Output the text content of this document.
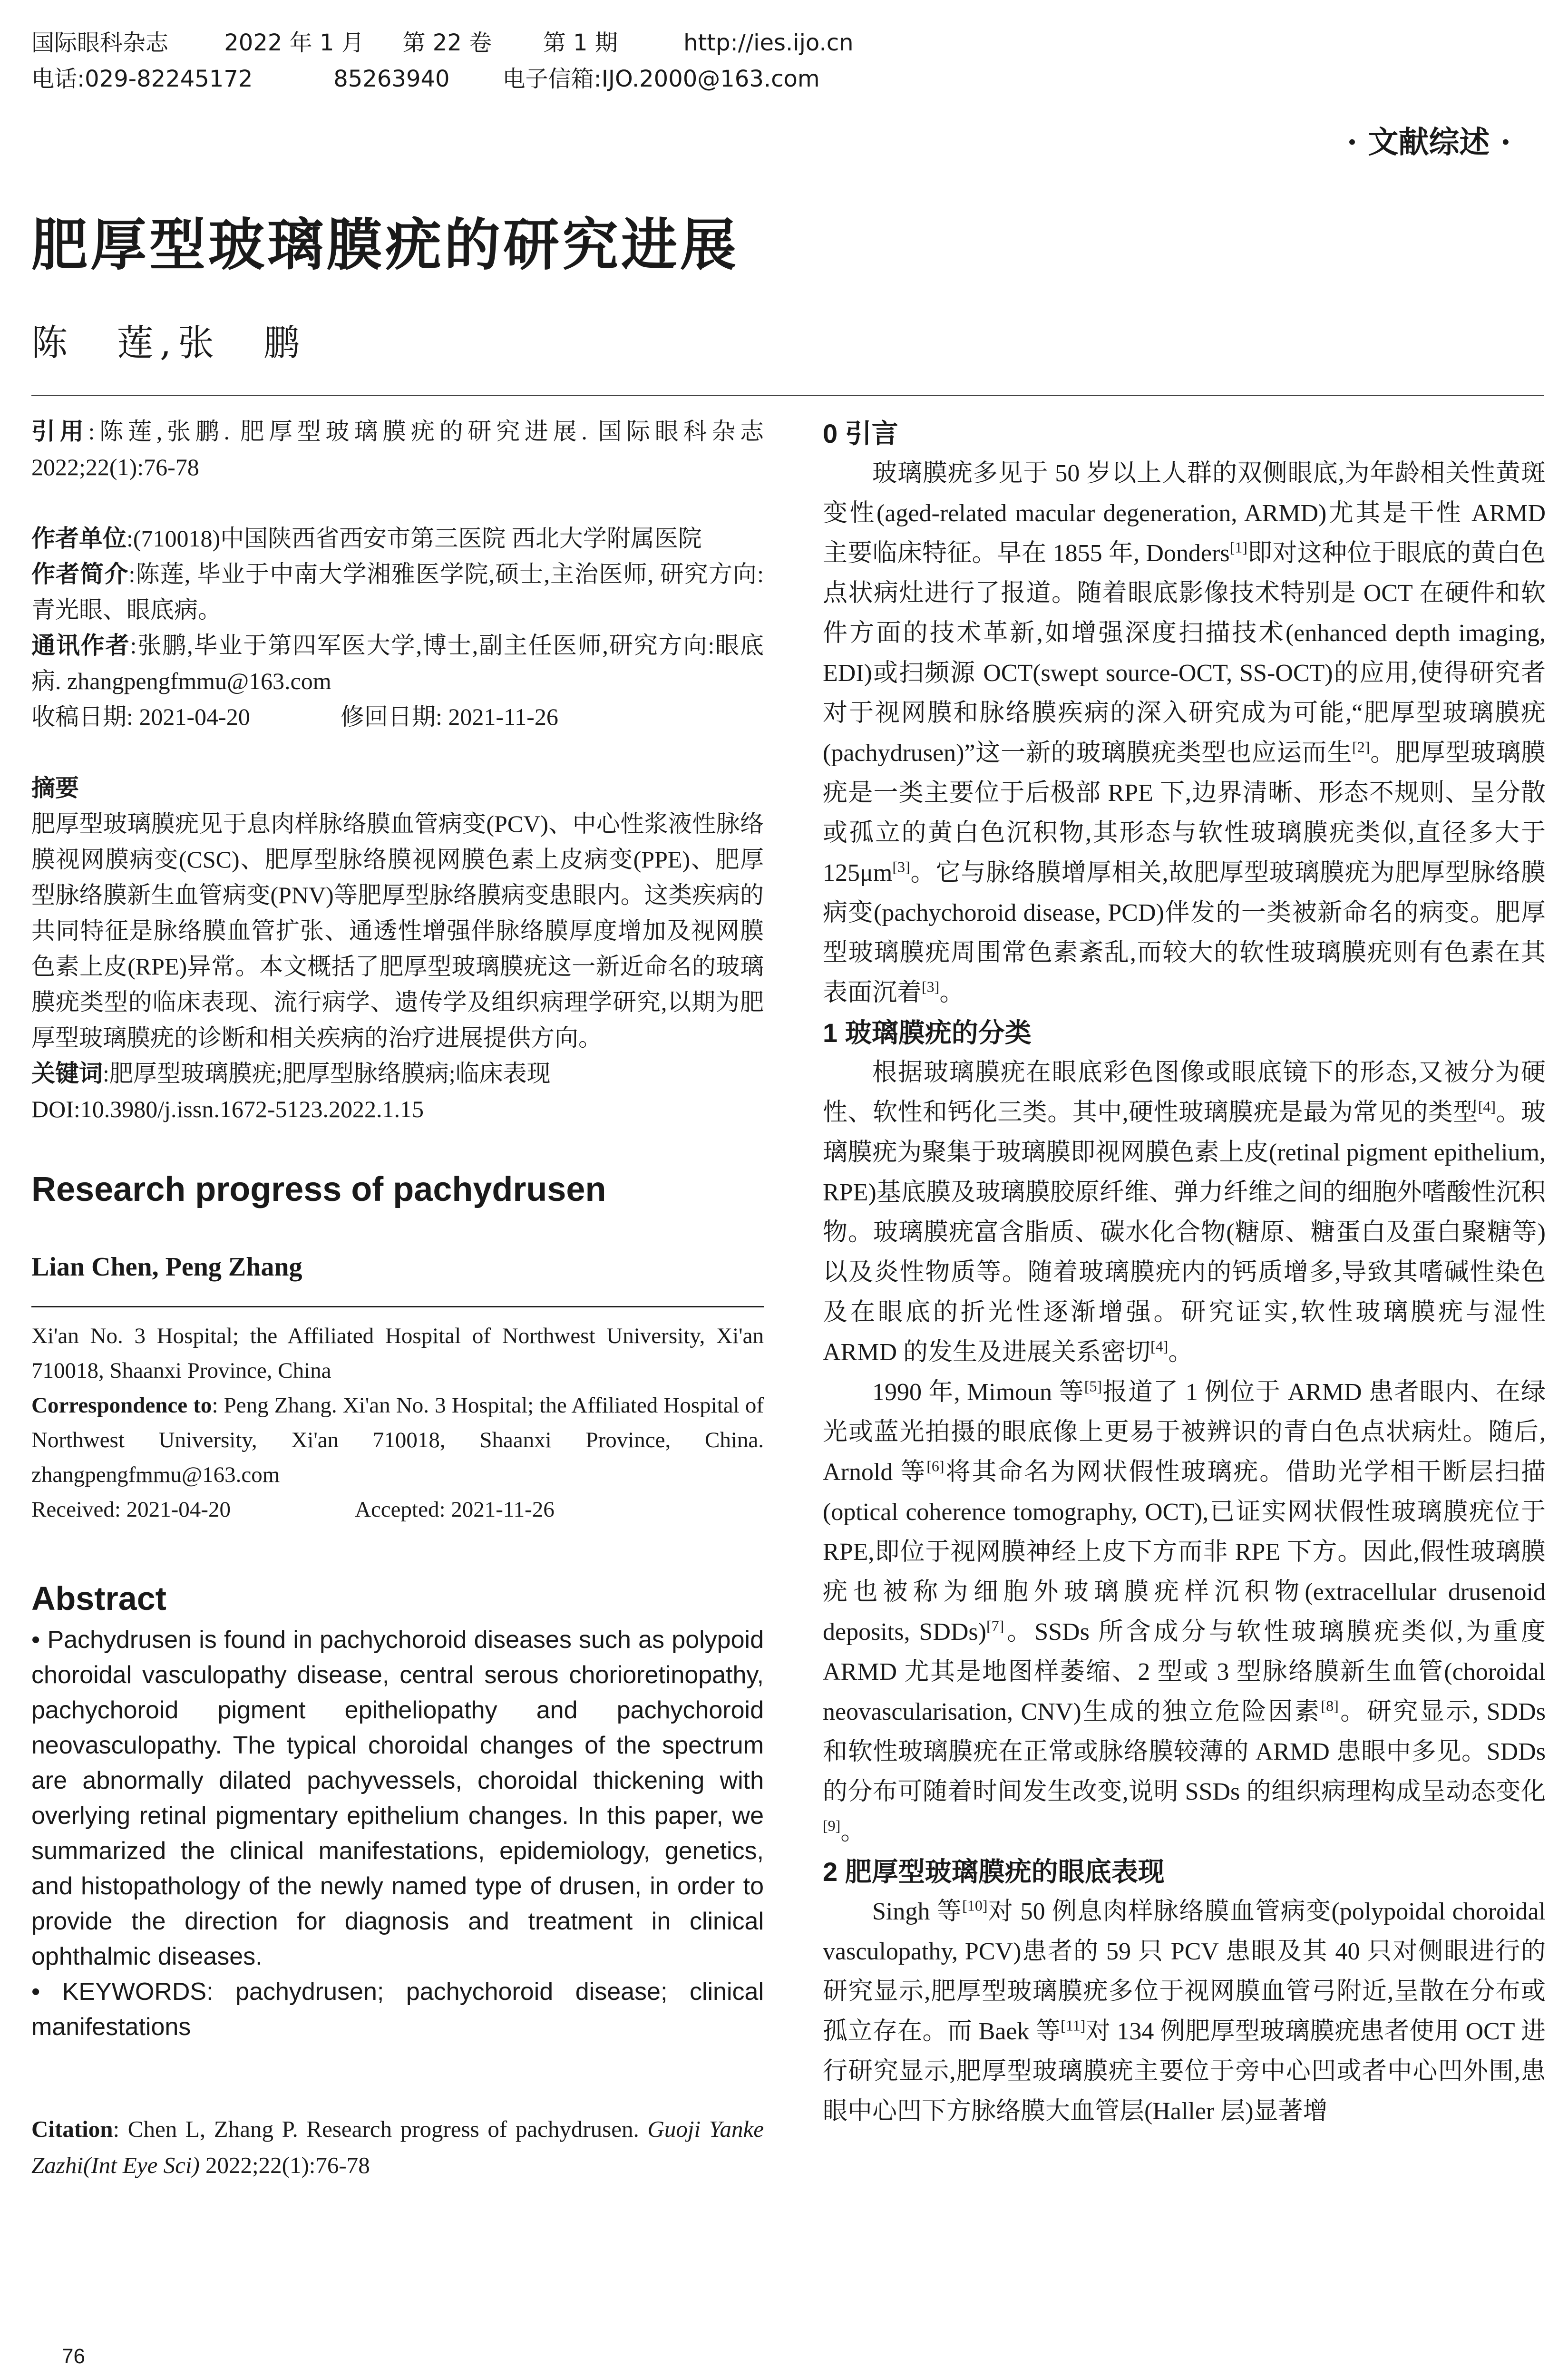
国际眼科杂志 2022 年 1 月 第 22 卷 第 1 期	http://ies.ijo.cn
电话:029-82245172	85263940 电子信箱:IJO.2000@163.com
· 文献综述 ·
肥厚型玻璃膜疣的研究进展
陈　莲,张　鹏

引用:陈莲,张鹏. 肥厚型玻璃膜疣的研究进展. 国际眼科杂志 2022;22(1):76-78

作者单位:(710018)中国陕西省西安市第三医院 西北大学附属医院

作者简介:陈莲, 毕业于中南大学湘雅医学院,硕士,主治医师, 研究方向:青光眼、眼底病。

通讯作者:张鹏,毕业于第四军医大学,博士,副主任医师,研究方向:眼底病. zhangpengfmmu@163.com

收稿日期: 2021-04-20	修回日期: 2021-11-26

摘要

肥厚型玻璃膜疣见于息肉样脉络膜血管病变(PCV)、中心性浆液性脉络膜视网膜病变(CSC)、肥厚型脉络膜视网膜色素上皮病变(PPE)、肥厚型脉络膜新生血管病变(PNV)等肥厚型脉络膜病变患眼内。这类疾病的共同特征是脉络膜血管扩张、通透性增强伴脉络膜厚度增加及视网膜色素上皮(RPE)异常。本文概括了肥厚型玻璃膜疣这一新近命名的玻璃膜疣类型的临床表现、流行病学、遗传学及组织病理学研究,以期为肥厚型玻璃膜疣的诊断和相关疾病的治疗进展提供方向。

关键词:肥厚型玻璃膜疣;肥厚型脉络膜病;临床表现

DOI:10.3980/j.issn.1672-5123.2022.1.15

Research progress of pachydrusen

Lian Chen, Peng Zhang

Xi'an No. 3 Hospital; the Affiliated Hospital of Northwest University, Xi'an 710018, Shaanxi Province, China

Correspondence to: Peng Zhang. Xi'an No. 3 Hospital; the Affiliated Hospital of Northwest University, Xi'an 710018, Shaanxi Province, China. zhangpengfmmu@163.com

Received: 2021-04-20	Accepted: 2021-11-26

Abstract

• Pachydrusen is found in pachychoroid diseases such as polypoid choroidal vasculopathy disease, central serous chorioretinopathy, pachychoroid pigment epitheliopathy and pachychoroid neovasculopathy. The typical choroidal changes of the spectrum are abnormally dilated pachyvessels, choroidal thickening with overlying retinal pigmentary epithelium changes. In this paper, we summarized the clinical manifestations, epidemiology, genetics, and histopathology of the newly named type of drusen, in order to provide the direction for diagnosis and treatment in clinical ophthalmic diseases.

• KEYWORDS: pachydrusen; pachychoroid disease; clinical manifestations

Citation: Chen L, Zhang P. Research progress of pachydrusen. Guoji Yanke Zazhi(Int Eye Sci) 2022;22(1):76-78

0 引言

玻璃膜疣多见于 50 岁以上人群的双侧眼底,为年龄相关性黄斑变性(aged-related macular degeneration, ARMD)尤其是干性 ARMD 主要临床特征。早在 1855 年, Donders[1]即对这种位于眼底的黄白色点状病灶进行了报道。随着眼底影像技术特别是 OCT 在硬件和软件方面的技术革新,如增强深度扫描技术(enhanced depth imaging, EDI)或扫频源 OCT(swept source-OCT, SS-OCT)的应用,使得研究者对于视网膜和脉络膜疾病的深入研究成为可能,“肥厚型玻璃膜疣(pachydrusen)”这一新的玻璃膜疣类型也应运而生[2]。肥厚型玻璃膜疣是一类主要位于后极部 RPE 下,边界清晰、形态不规则、呈分散或孤立的黄白色沉积物,其形态与软性玻璃膜疣类似,直径多大于 125μm[3]。它与脉络膜增厚相关,故肥厚型玻璃膜疣为肥厚型脉络膜病变(pachychoroid disease, PCD)伴发的一类被新命名的病变。肥厚型玻璃膜疣周围常色素紊乱,而较大的软性玻璃膜疣则有色素在其表面沉着[3]。

1 玻璃膜疣的分类

根据玻璃膜疣在眼底彩色图像或眼底镜下的形态,又被分为硬性、软性和钙化三类。其中,硬性玻璃膜疣是最为常见的类型[4]。玻璃膜疣为聚集于玻璃膜即视网膜色素上皮(retinal pigment epithelium, RPE)基底膜及玻璃膜胶原纤维、弹力纤维之间的细胞外嗜酸性沉积物。玻璃膜疣富含脂质、碳水化合物(糖原、糖蛋白及蛋白聚糖等)以及炎性物质等。随着玻璃膜疣内的钙质增多,导致其嗜碱性染色及在眼底的折光性逐渐增强。研究证实,软性玻璃膜疣与湿性 ARMD 的发生及进展关系密切[4]。

1990 年, Mimoun 等[5]报道了 1 例位于 ARMD 患者眼内、在绿光或蓝光拍摄的眼底像上更易于被辨识的青白色点状病灶。随后, Arnold 等[6]将其命名为网状假性玻璃疣。借助光学相干断层扫描(optical coherence tomography, OCT),已证实网状假性玻璃膜疣位于 RPE,即位于视网膜神经上皮下方而非 RPE 下方。因此,假性玻璃膜疣也被称为细胞外玻璃膜疣样沉积物(extracellular drusenoid deposits, SDDs)[7]。SSDs 所含成分与软性玻璃膜疣类似,为重度 ARMD 尤其是地图样萎缩、2 型或 3 型脉络膜新生血管(choroidal neovascularisation, CNV)生成的独立危险因素[8]。研究显示, SDDs 和软性玻璃膜疣在正常或脉络膜较薄的 ARMD 患眼中多见。SDDs 的分布可随着时间发生改变,说明 SSDs 的组织病理构成呈动态变化[9]。

2 肥厚型玻璃膜疣的眼底表现

Singh 等[10]对 50 例息肉样脉络膜血管病变(polypoidal choroidal vasculopathy, PCV)患者的 59 只 PCV 患眼及其 40 只对侧眼进行的研究显示,肥厚型玻璃膜疣多位于视网膜血管弓附近,呈散在分布或孤立存在。而 Baek 等[11]对 134 例肥厚型玻璃膜疣患者使用 OCT 进行研究显示,肥厚型玻璃膜疣主要位于旁中心凹或者中心凹外围,患眼中心凹下方脉络膜大血管层(Haller 层)显著增

76
